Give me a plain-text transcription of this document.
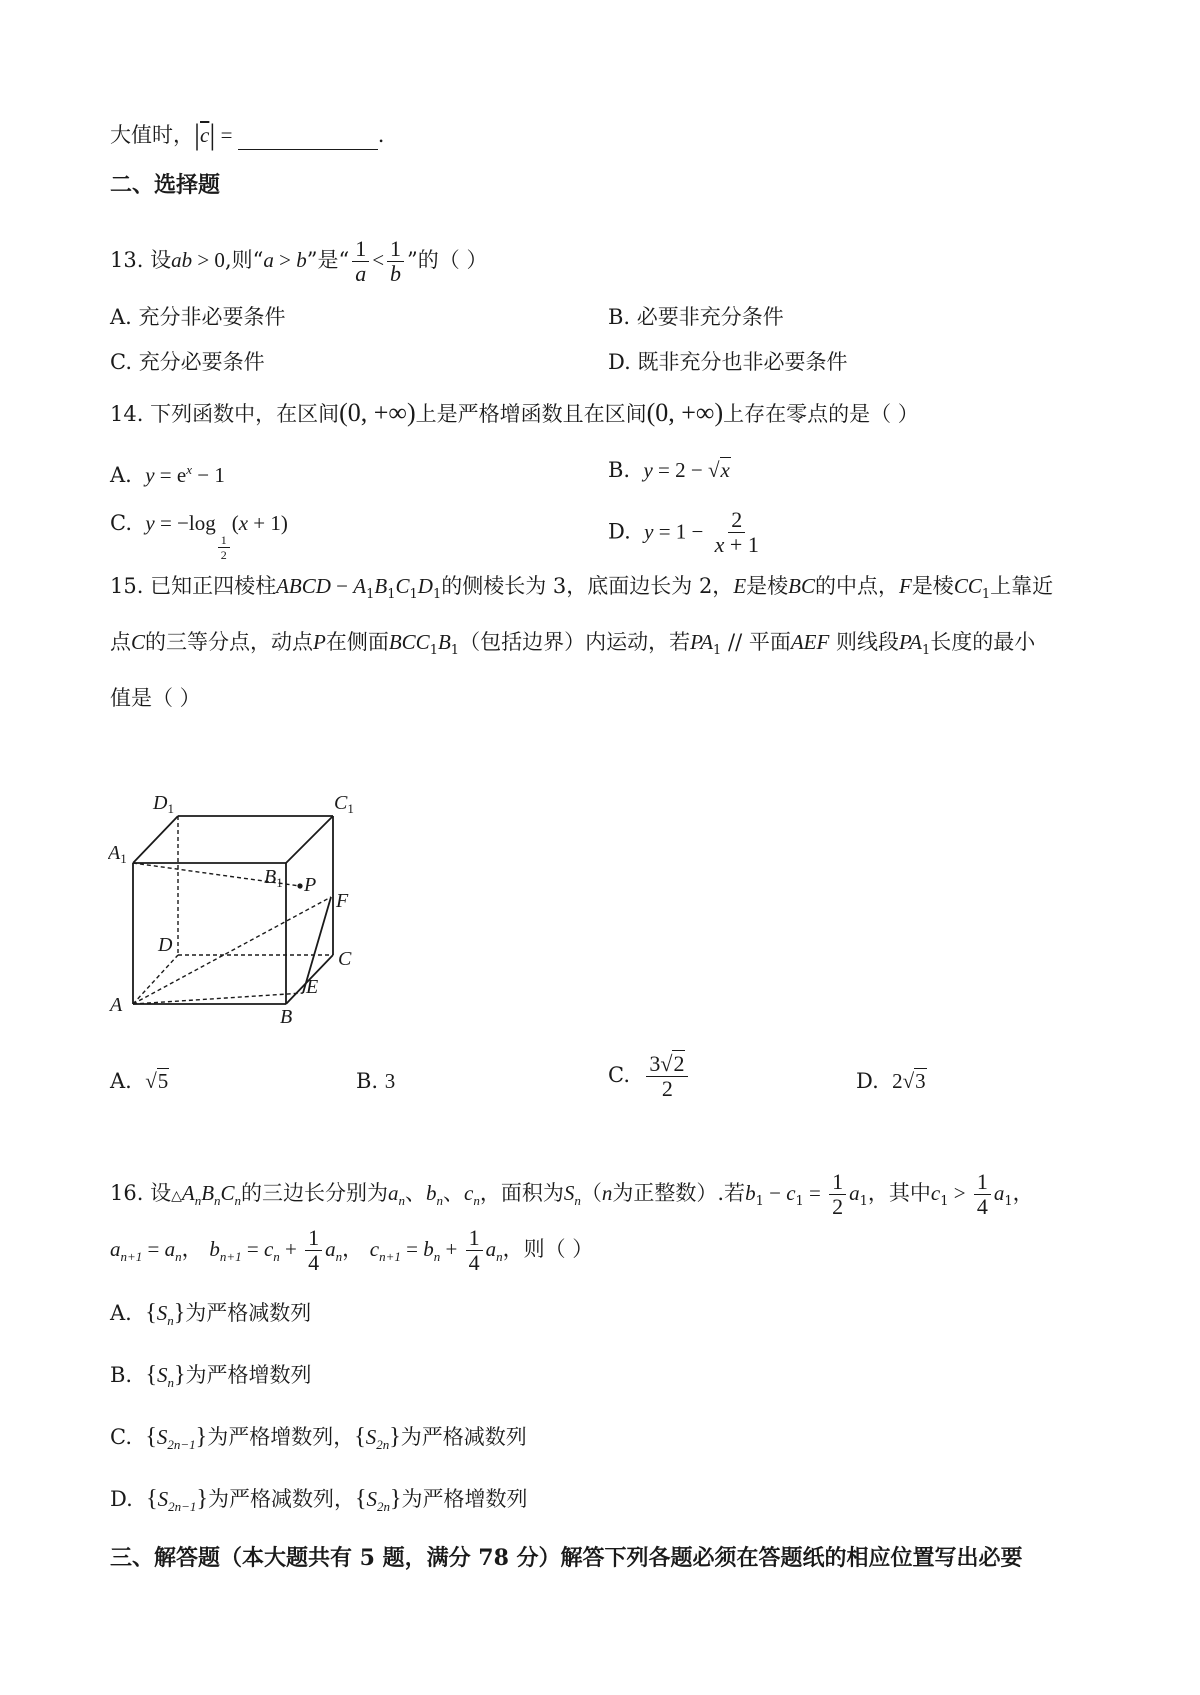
大值时，$|\overline{c}|$ =	.
二、选择题
13. 设ab > 0,则“a > b”是“ $\frac{1}{a} < \frac{1}{b}$ ”的（ ）
A. 充分非必要条件	B. 必要非充分条件
C. 充分必要条件	D. 既非充分也非必要条件
14. 下列函数中，在区间(0, +∞)上是严格增函数且在区间(0, +∞)上存在零点的是（ ）
A. $y = e^x - 1$	B. y = 2 − √x
C. y = −log
$\frac{1}{2}$
(x + 1)	D. $y = 1 - \frac{2}{x + 1}$
15. 已知正四棱柱ABCD − $A_1B_1C_1D_1$的侧棱长为 3，底面边长为 2，E是棱BC的中点，F是棱$CC_1$上靠近
点C的三等分点，动点P在侧面$BCC_1B_1$（包括边界）内运动，若$PA_1$ // 平面AEF 则线段$PA_1$长度的最小
值是（ ）
$D_1$	$C_1$
$A_1$
$B_1$ P
F
D
C
E
A
B
A. √5	B. 3	C. $\frac{3√2}{2}$	D. 2√3
16. 设$\triangle A_nB_nC_n$的三边长分别为$a_n$、$b_n$、$c_n$，面积为$S_n(n$为正整数）.若$b_1 - c_1 = \frac{1}{2} a_1$，其中$c_1 > \frac{1}{4} a_1$，
$a_{n+1} = a_n$， $b_{n+1} = c_n + \frac{1}{4} a_n$， $c_{n+1} = b_n + \frac{1}{4} a_n$，则（ ）
A. $\{S_n\}$为严格减数列
B. $\{S_n\}$为严格增数列
C. $\{S_{2n-1}\}$为严格增数列，$\{S_{2n}\}$为严格减数列
D. $\{S_{2n-1}\}$为严格减数列，$\{S_{2n}\}$为严格增数列
三、解答题（本大题共有 5 题，满分 78 分）解答下列各题必须在答题纸的相应位置写出必要
